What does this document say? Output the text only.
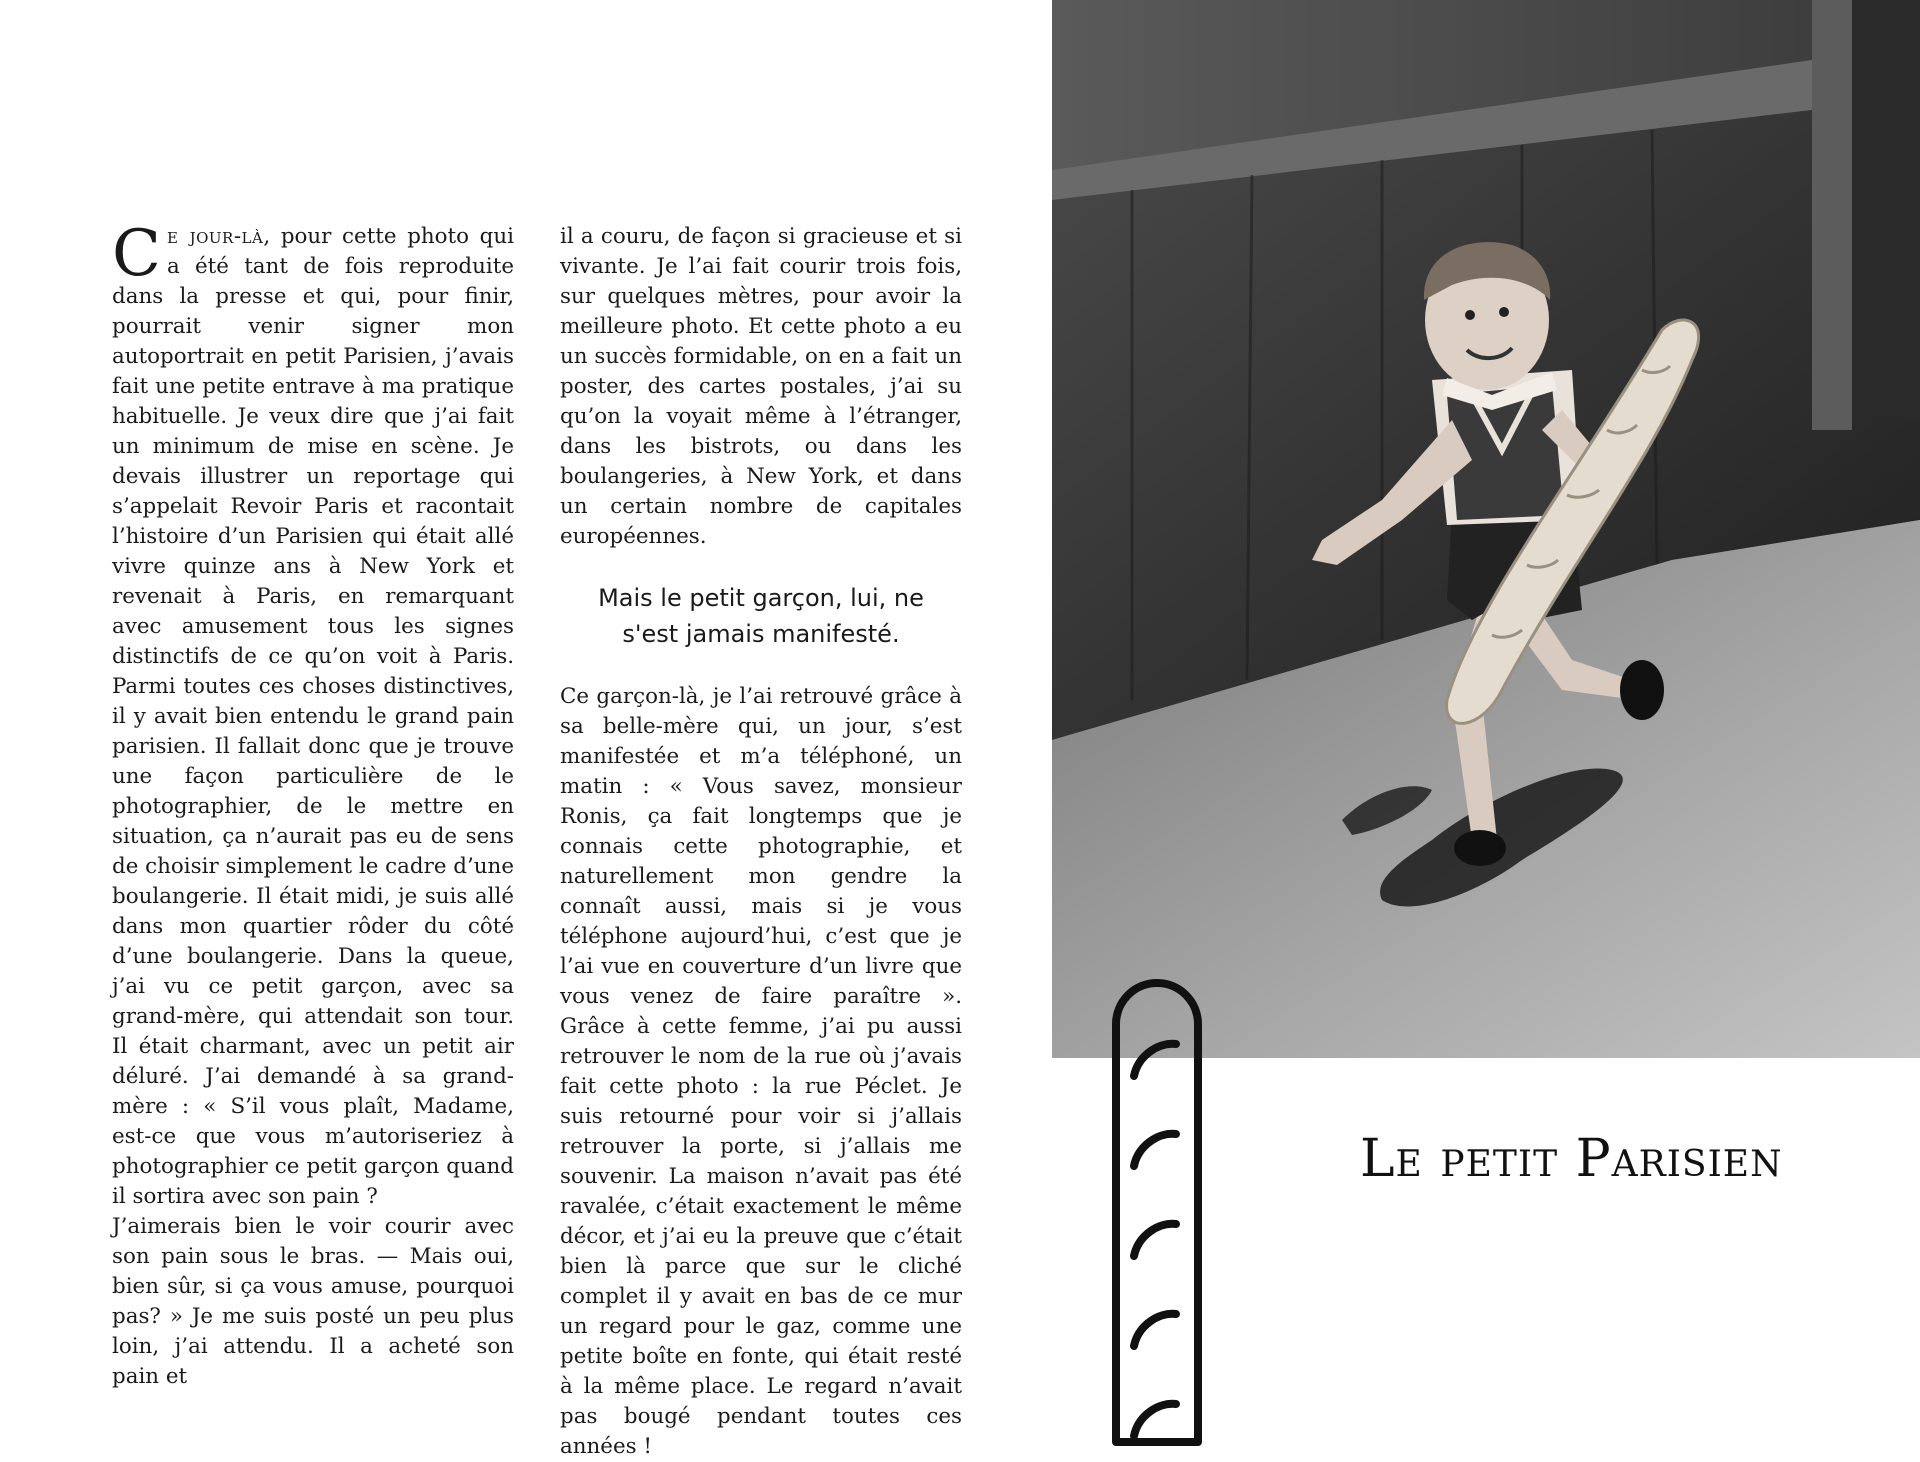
Ce jour-là, pour cette photo qui a été tant de fois reproduite dans la presse et qui, pour finir, pourrait venir signer mon autoportrait en petit Parisien, j’avais fait une petite entrave à ma pratique habituelle. Je veux dire que j’ai fait un minimum de mise en scène. Je devais illustrer un reportage qui s’appelait Revoir Paris et racontait l’histoire d’un Parisien qui était allé vivre quinze ans à New York et revenait à Paris, en remarquant avec amusement tous les signes distinctifs de ce qu’on voit à Paris. Parmi toutes ces choses distinctives, il y avait bien entendu le grand pain parisien. Il fallait donc que je trouve une façon particulière de le photographier, de le mettre en situation, ça n’aurait pas eu de sens de choisir simplement le cadre d’une boulangerie. Il était midi, je suis allé dans mon quartier rôder du côté d’une boulangerie. Dans la queue, j’ai vu ce petit garçon, avec sa grand-mère, qui attendait son tour. Il était charmant, avec un petit air déluré. J’ai demandé à sa grand-mère : « S’il vous plaît, Madame, est-ce que vous m’autoriseriez à photographier ce petit garçon quand il sortira avec son pain ?

J’aimerais bien le voir courir avec son pain sous le bras. — Mais oui, bien sûr, si ça vous amuse, pourquoi pas? » Je me suis posté un peu plus loin, j’ai attendu. Il a acheté son pain et

il a couru, de façon si gracieuse et si vivante. Je l’ai fait courir trois fois, sur quelques mètres, pour avoir la meilleure photo. Et cette photo a eu un succès formidable, on en a fait un poster, des cartes postales, j’ai su qu’on la voyait même à l’étranger, dans les bistrots, ou dans les boulangeries, à New York, et dans un certain nombre de capitales européennes.

Mais le petit garçon, lui, ne
s'est jamais manifesté.

Ce garçon-là, je l’ai retrouvé grâce à sa belle-mère qui, un jour, s’est manifestée et m’a téléphoné, un matin : « Vous savez, monsieur Ronis, ça fait longtemps que je connais cette photographie, et naturellement mon gendre la connaît aussi, mais si je vous téléphone aujourd’hui, c’est que je l’ai vue en couverture d’un livre que vous venez de faire paraître ». Grâce à cette femme, j’ai pu aussi retrouver le nom de la rue où j’avais fait cette photo : la rue Péclet. Je suis retourné pour voir si j’allais retrouver la porte, si j’allais me souvenir. La maison n’avait pas été ravalée, c’était exactement le même décor, et j’ai eu la preuve que c’était bien là parce que sur le cliché complet il y avait en bas de ce mur un regard pour le gaz, comme une petite boîte en fonte, qui était resté à la même place. Le regard n’avait pas bougé pendant toutes ces années !

Le petit Parisien
